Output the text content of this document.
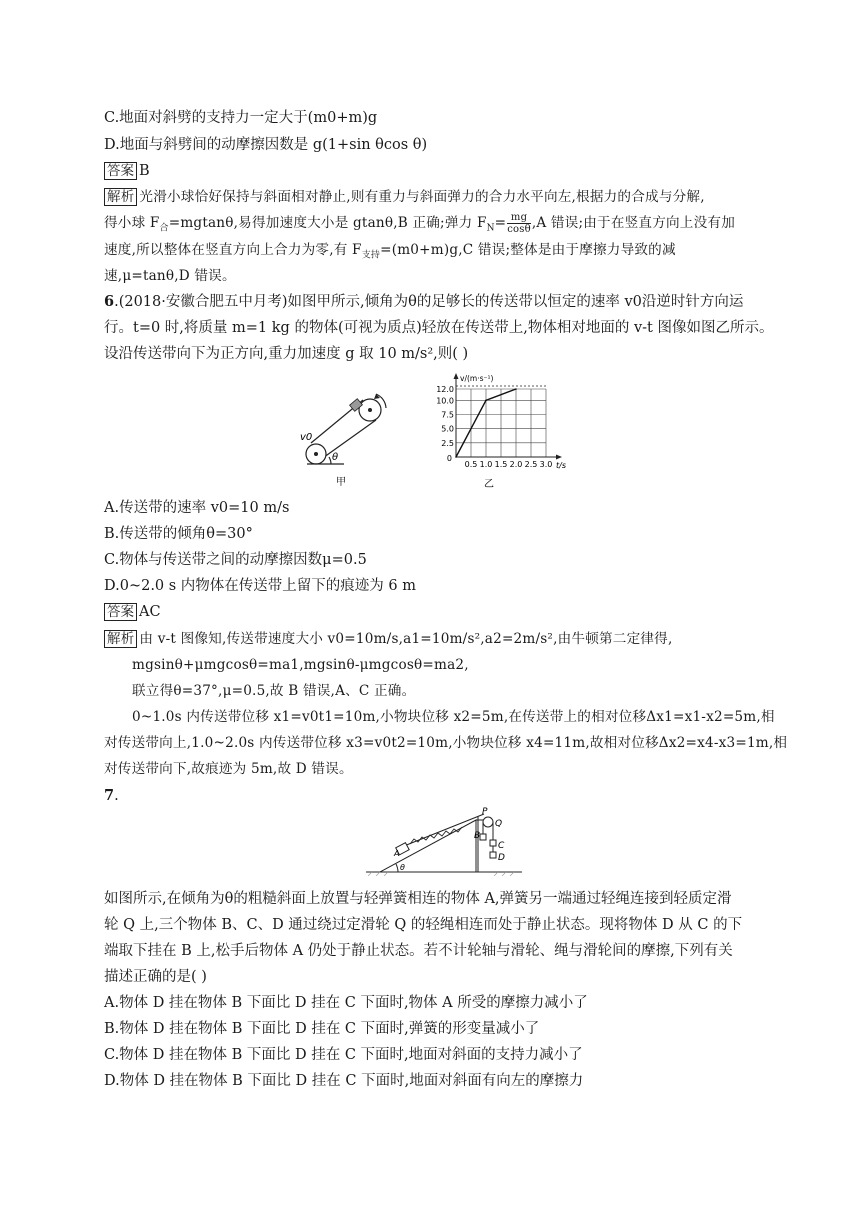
C.地面对斜劈的支持力一定大于(m0+m)g
D.地面与斜劈间的动摩擦因数是 g(1+sin θcos θ)
答案 B
解析 光滑小球恰好保持与斜面相对静止,则有重力与斜面弹力的合力水平向左,根据力的合成与分解,
得小球 $F_合=mgtan\theta$,易得加速度大小是 gtanθ,B 正确;弹力 $F_N= \frac{mg}{\cos\theta} ,A$ 错误;由于在竖直方向上没有加
速度,所以整体在竖直方向上合力为零,有 $F_{支持}=(m0+m)g,C$ 错误;整体是由于摩擦力导致的减
速,μ=tanθ,D 错误。
6.(2018·安徽合肥五中月考)如图甲所示,倾角为θ的足够长的传送带以恒定的速率 v0沿逆时针方向运
行。t=0 时,将质量 m=1 kg 的物体(可视为质点)轻放在传送带上,物体相对地面的 v-t 图像如图乙所示。
设沿传送带向下为正方向,重力加速度 g 取 10 m/s²,则( )
v0
θ
甲
0.5 1.0 1.5 2.0 2.5 3.0
2.5
5.0
7.5
10.0
12.0
0
t/s
v/(m·s⁻¹)
乙
A.传送带的速率 v0=10 m/s
B.传送带的倾角θ=30°
C.物体与传送带之间的动摩擦因数μ=0.5
D.0~2.0 s 内物体在传送带上留下的痕迹为 6 m
答案 AC
解析 由 v-t 图像知,传送带速度大小 v0=10m/s,a1=10m/s²,a2=2m/s²,由牛顿第二定律得,
mgsinθ+μmgcosθ=ma1,mgsinθ-μmgcosθ=ma2,
联立得θ=37°,μ=0.5,故 B 错误,A、C 正确。
0~1.0s 内传送带位移 x1=v0t1=10m,小物块位移 x2=5m,在传送带上的相对位移Δx1=x1-x2=5m,相
对传送带向上,1.0~2.0s 内传送带位移 x3=v0t2=10m,小物块位移 x4=11m,故相对位移Δx2=x4-x3=1m,相
对传送带向下,故痕迹为 5m,故 D 错误。
7.
P
Q
A
B
C
D
θ
如图所示,在倾角为θ的粗糙斜面上放置与轻弹簧相连的物体 A,弹簧另一端通过轻绳连接到轻质定滑
轮 Q 上,三个物体 B、C、D 通过绕过定滑轮 Q 的轻绳相连而处于静止状态。现将物体 D 从 C 的下
端取下挂在 B 上,松手后物体 A 仍处于静止状态。若不计轮轴与滑轮、绳与滑轮间的摩擦,下列有关
描述正确的是( )
A.物体 D 挂在物体 B 下面比 D 挂在 C 下面时,物体 A 所受的摩擦力减小了
B.物体 D 挂在物体 B 下面比 D 挂在 C 下面时,弹簧的形变量减小了
C.物体 D 挂在物体 B 下面比 D 挂在 C 下面时,地面对斜面的支持力减小了
D.物体 D 挂在物体 B 下面比 D 挂在 C 下面时,地面对斜面有向左的摩擦力
